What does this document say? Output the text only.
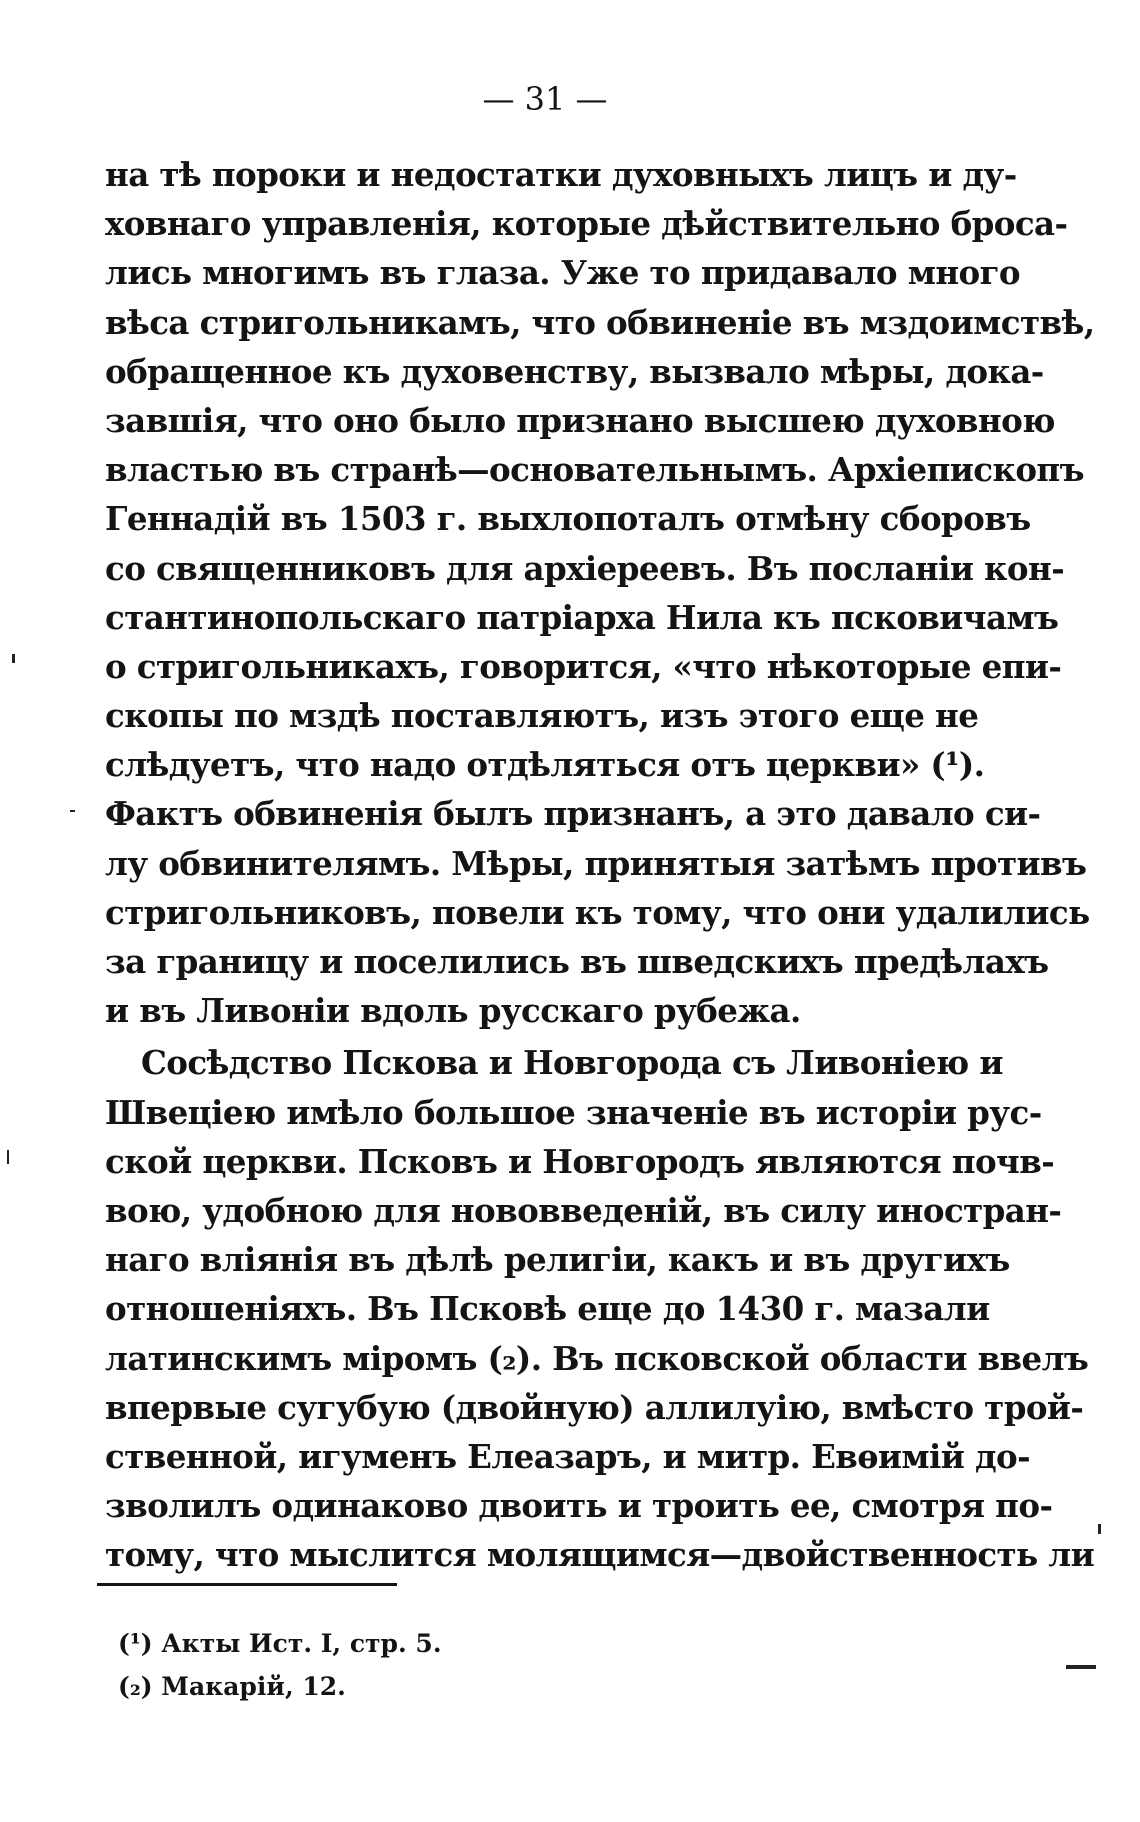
— 31 —
на тѣ пороки и недостатки духовныхъ лицъ и ду-
ховнаго управленія, которые дѣйствительно броса-
лись многимъ въ глаза. Уже то придавало много
вѣса стригольникамъ, что обвиненіе въ мздоимствѣ,
обращенное къ духовенству, вызвало мѣры, дока-
завшія, что оно было признано высшею духовною
властью въ странѣ—основательнымъ. Архіепископъ
Геннадій въ 1503 г. выхлопоталъ отмѣну сборовъ
со священниковъ для архіереевъ. Въ посланіи кон-
стантинопольскаго патріарха Нила къ псковичамъ
о стригольникахъ, говорится, «что нѣкоторые епи-
скопы по мздѣ поставляютъ, изъ этого еще не
слѣдуетъ, что надо отдѣляться отъ церкви» (¹).
Фактъ обвиненія былъ признанъ, а это давало си-
лу обвинителямъ. Мѣры, принятыя затѣмъ противъ
стригольниковъ, повели къ тому, что они удалились
за границу и поселились въ шведскихъ предѣлахъ
и въ Ливоніи вдоль русскаго рубежа.
Сосѣдство Пскова и Новгорода съ Ливоніею и
Швеціею имѣло большое значеніе въ исторіи рус-
ской церкви. Псковъ и Новгородъ являются почв-
вою, удобною для нововведеній, въ силу иностран-
наго вліянія въ дѣлѣ религіи, какъ и въ другихъ
отношеніяхъ. Въ Псковѣ еще до 1430 г. мазали
латинскимъ міромъ (₂). Въ псковской области ввелъ
впервые сугубую (двойную) аллилуію, вмѣсто трой-
ственной, игуменъ Елеазаръ, и митр. Евѳимій до-
зволилъ одинаково двоить и троить ее, смотря по-
тому, что мыслится молящимся—двойственность ли
(¹) Акты Ист. I, стр. 5.
(₂) Макарій, 12.
